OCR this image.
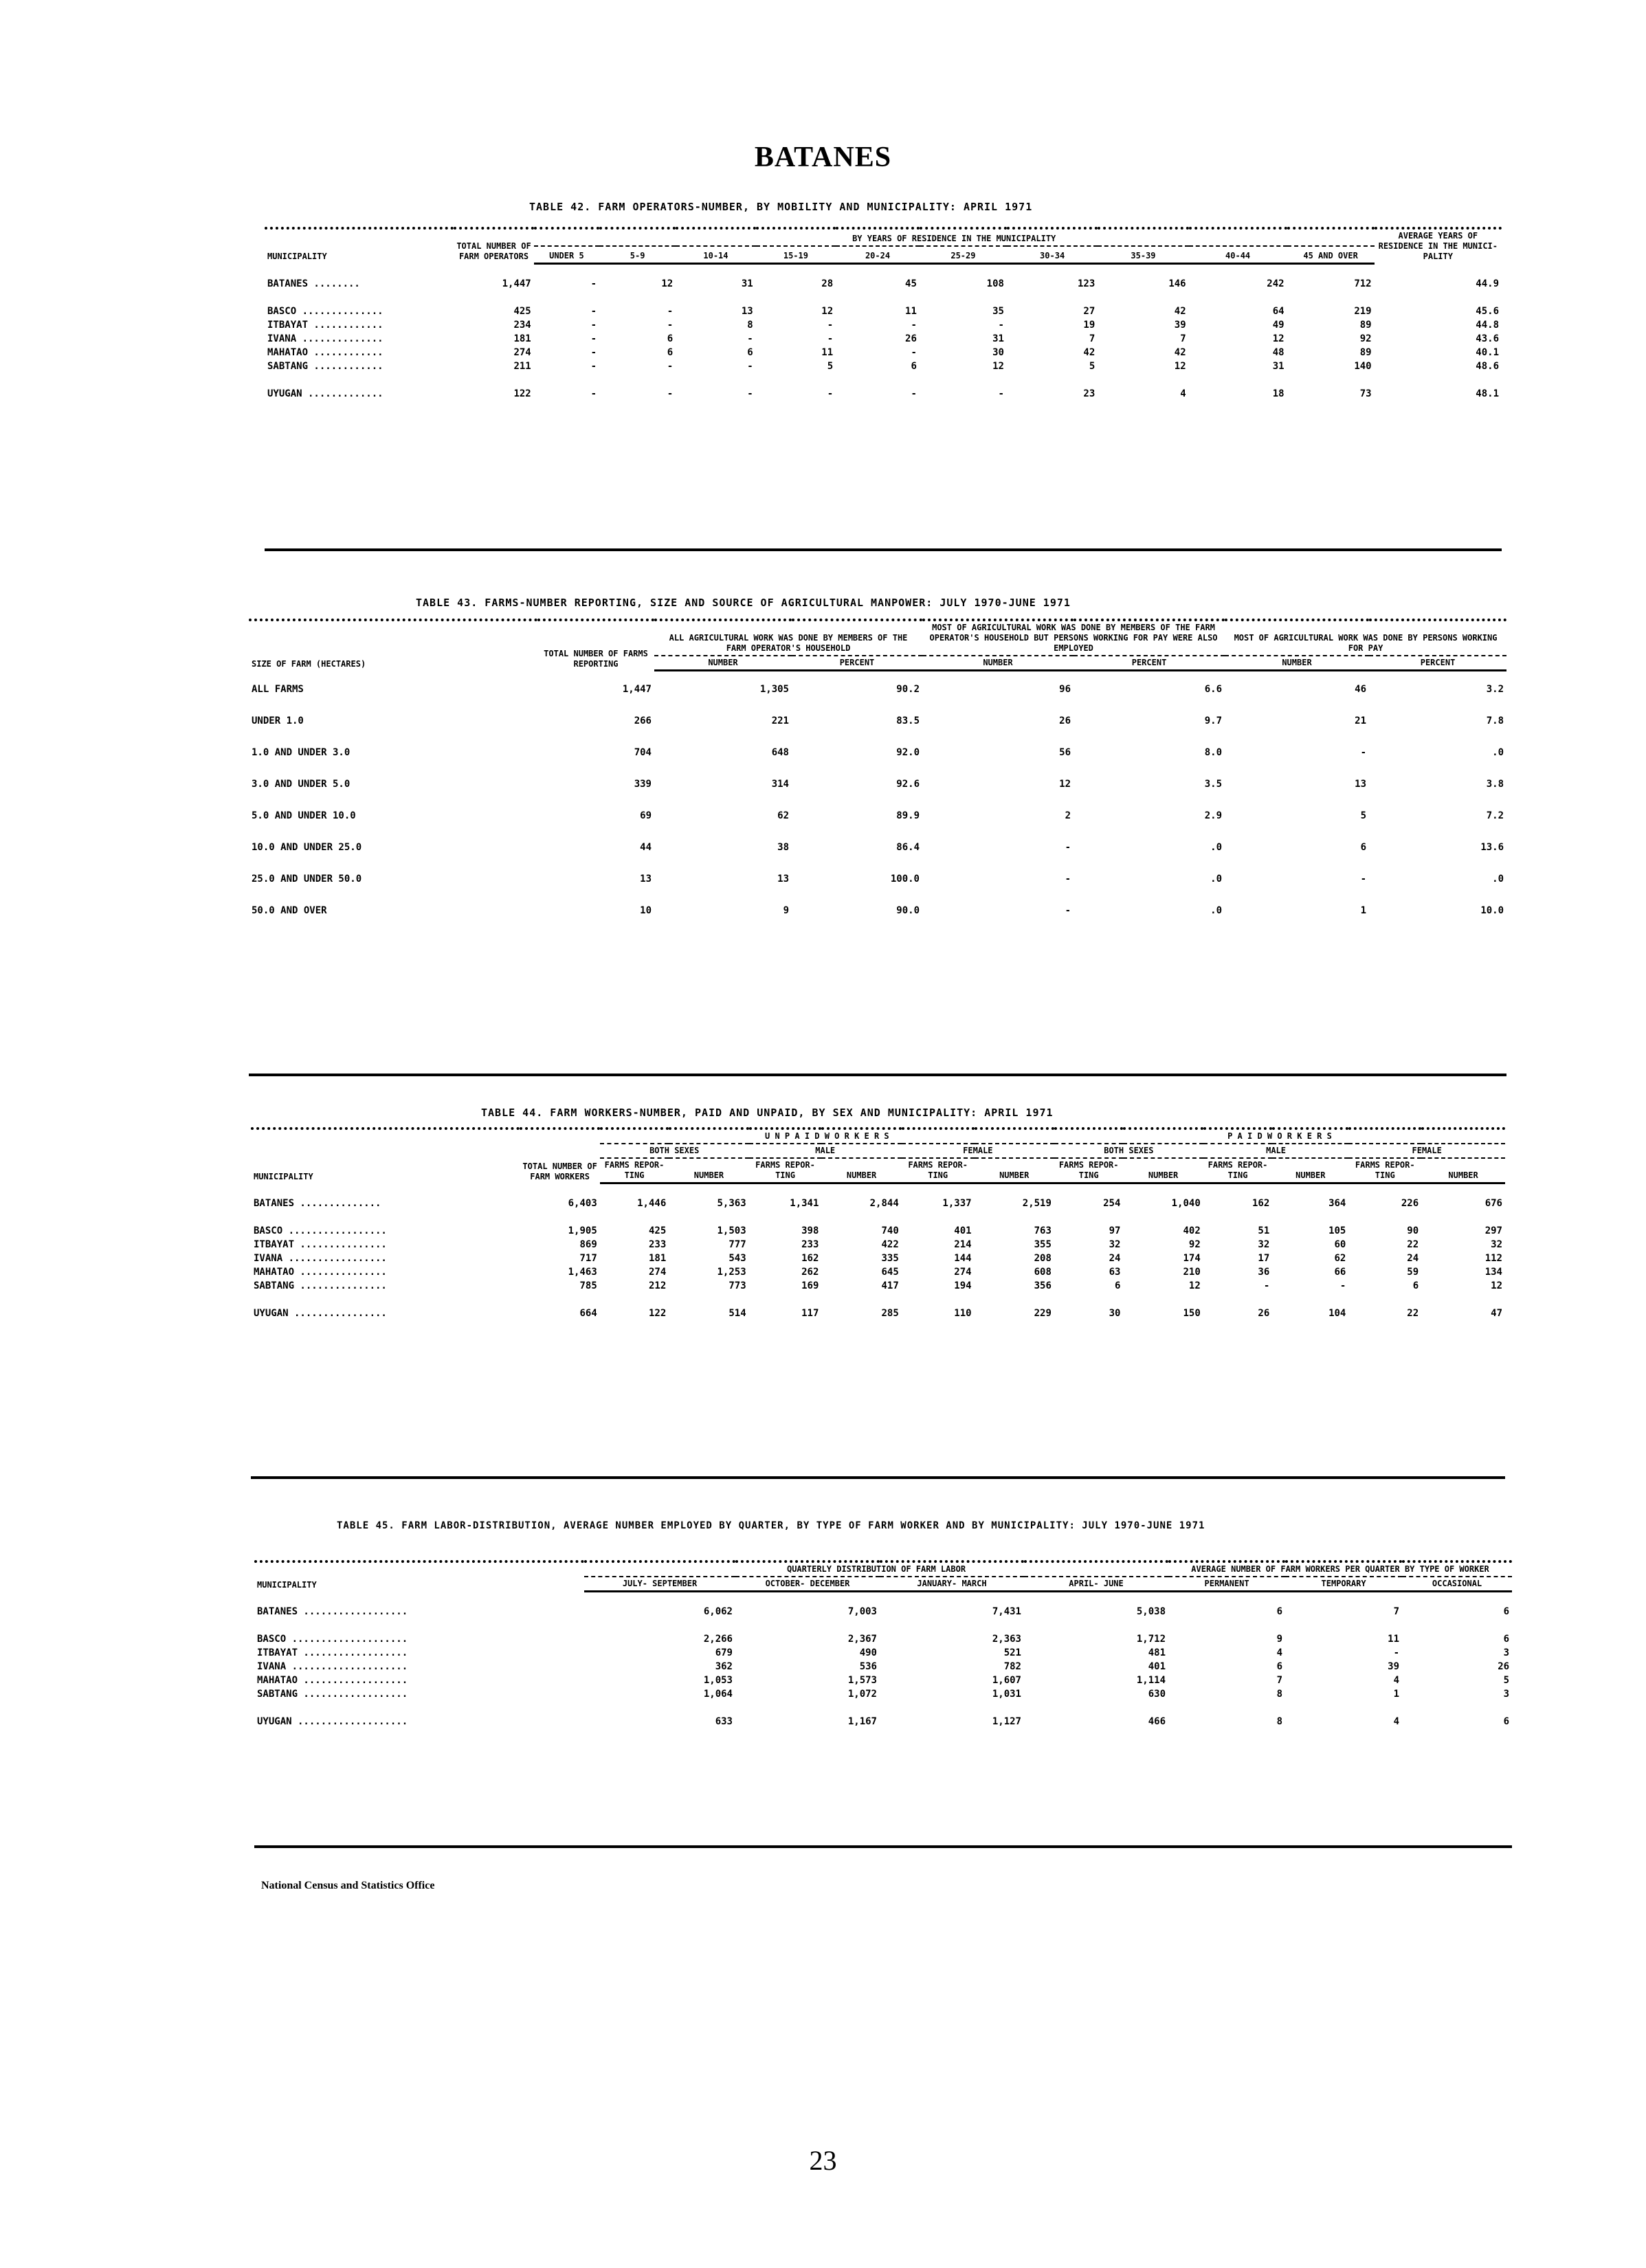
BATANES
TABLE 42. FARM OPERATORS-NUMBER, BY MOBILITY AND MUNICIPALITY: APRIL 1971
MUNICIPALITY	TOTAL NUMBER OF FARM OPERATORS	BY YEARS OF RESIDENCE IN THE MUNICIPALITY										AVERAGE YEARS OF RESIDENCE IN THE MUNICI- PALITY
		UNDER 5	5-9	10-14	15-19	20-24	25-29	30-34	35-39	40-44	45 AND OVER	
BATANES ........	1,447	-	12	31	28	45	108	123	146	242	712	44.9
BASCO ..............	425	-	-	13	12	11	35	27	42	64	219	45.6
ITBAYAT ............	234	-	-	8	-	-	-	19	39	49	89	44.8
IVANA ..............	181	-	6	-	-	26	31	7	7	12	92	43.6
MAHATAO ............	274	-	6	6	11	-	30	42	42	48	89	40.1
SABTANG ............	211	-	-	-	5	6	12	5	12	31	140	48.6
UYUGAN .............	122	-	-	-	-	-	-	23	4	18	73	48.1
TABLE 43. FARMS-NUMBER REPORTING, SIZE AND SOURCE OF AGRICULTURAL MANPOWER: JULY 1970-JUNE 1971
SIZE OF FARM (HECTARES)	TOTAL NUMBER OF FARMS REPORTING	ALL AGRICULTURAL WORK WAS DONE BY MEMBERS OF THE FARM OPERATOR'S HOUSEHOLD		MOST OF AGRICULTURAL WORK WAS DONE BY MEMBERS OF THE FARM OPERATOR'S HOUSEHOLD BUT PERSONS WORKING FOR PAY WERE ALSO EMPLOYED		MOST OF AGRICULTURAL WORK WAS DONE BY PERSONS WORKING FOR PAY	
		NUMBER	PERCENT	NUMBER	PERCENT	NUMBER	PERCENT
ALL FARMS	1,447	1,305	90.2	96	6.6	46	3.2
UNDER 1.0	266	221	83.5	26	9.7	21	7.8
1.0 AND UNDER 3.0	704	648	92.0	56	8.0	-	.0
3.0 AND UNDER 5.0	339	314	92.6	12	3.5	13	3.8
5.0 AND UNDER 10.0	69	62	89.9	2	2.9	5	7.2
10.0 AND UNDER 25.0	44	38	86.4	-	.0	6	13.6
25.0 AND UNDER 50.0	13	13	100.0	-	.0	-	.0
50.0 AND OVER	10	9	90.0	-	.0	1	10.0
TABLE 44. FARM WORKERS-NUMBER, PAID AND UNPAID, BY SEX AND MUNICIPALITY: APRIL 1971
MUNICIPALITY	TOTAL NUMBER OF FARM WORKERS	U N P A I D W O R K E R S						P A I D W O R K E R S					
		BOTH SEXES		MALE		FEMALE		BOTH SEXES		MALE		FEMALE	
		FARMS REPOR- TING	NUMBER	FARMS REPOR- TING	NUMBER	FARMS REPOR- TING	NUMBER	FARMS REPOR- TING	NUMBER	FARMS REPOR- TING	NUMBER	FARMS REPOR- TING	NUMBER
BATANES ..............	6,403	1,446	5,363	1,341	2,844	1,337	2,519	254	1,040	162	364	226	676
BASCO .................	1,905	425	1,503	398	740	401	763	97	402	51	105	90	297
ITBAYAT ...............	869	233	777	233	422	214	355	32	92	32	60	22	32
IVANA .................	717	181	543	162	335	144	208	24	174	17	62	24	112
MAHATAO ...............	1,463	274	1,253	262	645	274	608	63	210	36	66	59	134
SABTANG ...............	785	212	773	169	417	194	356	6	12	-	-	6	12
UYUGAN ................	664	122	514	117	285	110	229	30	150	26	104	22	47
TABLE 45. FARM LABOR-DISTRIBUTION, AVERAGE NUMBER EMPLOYED BY QUARTER, BY TYPE OF FARM WORKER AND BY MUNICIPALITY: JULY 1970-JUNE 1971
MUNICIPALITY	QUARTERLY DISTRIBUTION OF FARM LABOR				AVERAGE NUMBER OF FARM WORKERS PER QUARTER BY TYPE OF WORKER		
	JULY- SEPTEMBER	OCTOBER- DECEMBER	JANUARY- MARCH	APRIL- JUNE	PERMANENT	TEMPORARY	OCCASIONAL
BATANES ..................	6,062	7,003	7,431	5,038	6	7	6
BASCO ....................	2,266	2,367	2,363	1,712	9	11	6
ITBAYAT ..................	679	490	521	481	4	-	3
IVANA ....................	362	536	782	401	6	39	26
MAHATAO ..................	1,053	1,573	1,607	1,114	7	4	5
SABTANG ..................	1,064	1,072	1,031	630	8	1	3
UYUGAN ...................	633	1,167	1,127	466	8	4	6
National Census and Statistics Office
23
